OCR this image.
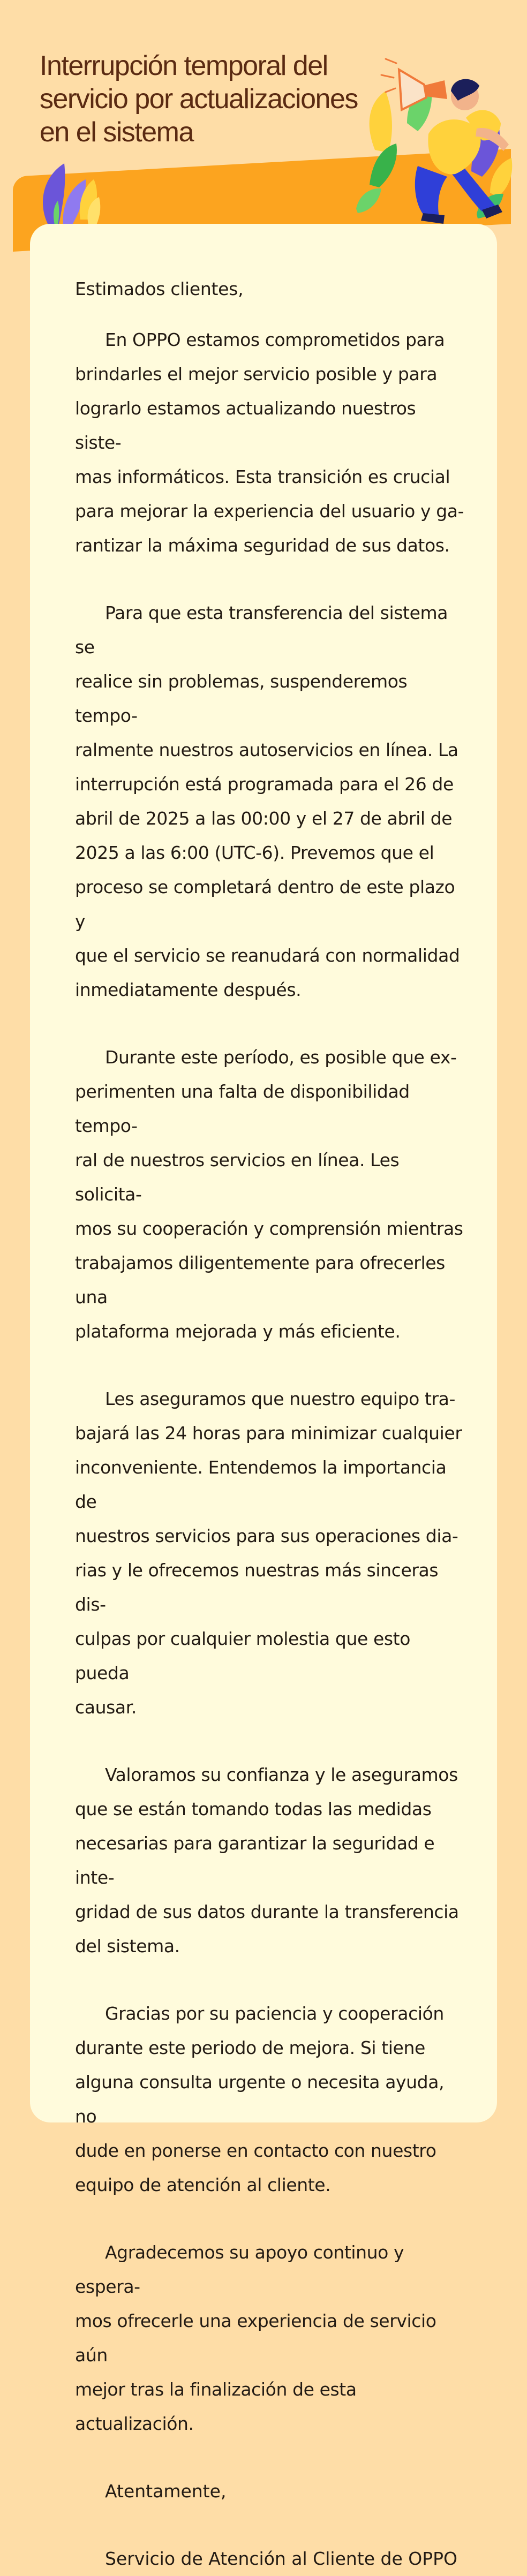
Interrupción temporal del
servicio por actualizaciones
en el sistema

Estimados clientes,

En OPPO estamos comprometidos para
brindarles el mejor servicio posible y para
lograrlo estamos actualizando nuestros siste-
mas informáticos. Esta transición es crucial
para mejorar la experiencia del usuario y ga-
rantizar la máxima seguridad de sus datos.

Para que esta transferencia del sistema se
realice sin problemas, suspenderemos tempo-
ralmente nuestros autoservicios en línea. La
interrupción está programada para el 26 de
abril de 2025 a las 00:00 y el 27 de abril de
2025 a las 6:00 (UTC-6). Prevemos que el
proceso se completará dentro de este plazo y
que el servicio se reanudará con normalidad
inmediatamente después.

Durante este período, es posible que ex-
perimenten una falta de disponibilidad tempo-
ral de nuestros servicios en línea. Les solicita-
mos su cooperación y comprensión mientras
trabajamos diligentemente para ofrecerles una
plataforma mejorada y más eficiente.

Les aseguramos que nuestro equipo tra-
bajará las 24 horas para minimizar cualquier
inconveniente. Entendemos la importancia de
nuestros servicios para sus operaciones dia-
rias y le ofrecemos nuestras más sinceras dis-
culpas por cualquier molestia que esto pueda
causar.

Valoramos su confianza y le aseguramos
que se están tomando todas las medidas
necesarias para garantizar la seguridad e inte-
gridad de sus datos durante la transferencia
del sistema.

Gracias por su paciencia y cooperación
durante este periodo de mejora. Si tiene
alguna consulta urgente o necesita ayuda, no
dude en ponerse en contacto con nuestro
equipo de atención al cliente.

Agradecemos su apoyo continuo y espera-
mos ofrecerle una experiencia de servicio aún
mejor tras la finalización de esta actualización.

Atentamente,

Servicio de Atención al Cliente de OPPO
